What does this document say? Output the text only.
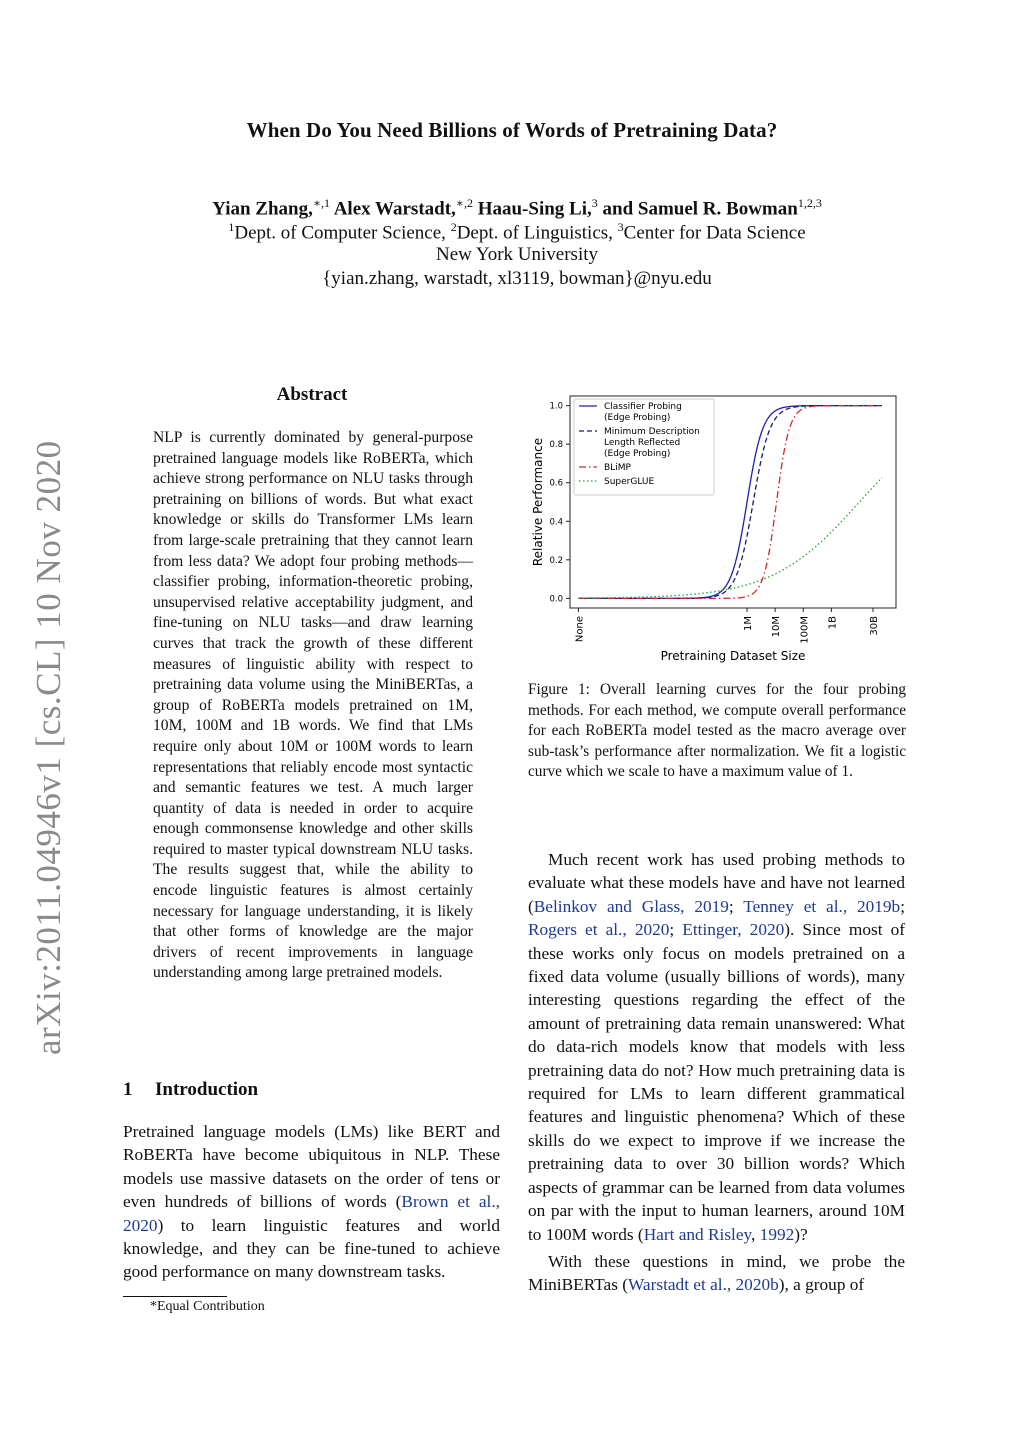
When Do You Need Billions of Words of Pretraining Data?
Yian Zhang,$^{∗,1}$ Alex Warstadt,$^{∗,2}$ Haau-Sing Li,$^3$ and Samuel R. Bowman$^{1,2,3}$
$^1$Dept. of Computer Science, $^2$Dept. of Linguistics, $^3$Center for Data Science
New York University
{yian.zhang, warstadt, xl3119, bowman}@nyu.edu
arXiv:2011.04946v1 [cs.CL] 10 Nov 2020
Abstract
NLP is currently dominated by general-purpose pretrained language models like RoBERTa, which achieve strong performance on NLU tasks through pretraining on billions of words. But what exact knowledge or skills do Transformer LMs learn from large-scale pretraining that they cannot learn from less data? We adopt four probing methods—classifier probing, information-theoretic probing, unsupervised relative acceptability judgment, and fine-tuning on NLU tasks—and draw learning curves that track the growth of these different measures of linguistic ability with respect to pretraining data volume using the MiniBERTas, a group of RoBERTa models pretrained on 1M, 10M, 100M and 1B words. We find that LMs require only about 10M or 100M words to learn representations that reliably encode most syntactic and semantic features we test. A much larger quantity of data is needed in order to acquire enough commonsense knowledge and other skills required to master typical downstream NLU tasks. The results suggest that, while the ability to encode linguistic features is almost certainly necessary for language understanding, it is likely that other forms of knowledge are the major drivers of recent improvements in language understanding among large pretrained models.
1 Introduction
Pretrained language models (LMs) like BERT and RoBERTa have become ubiquitous in NLP. These models use massive datasets on the order of tens or even hundreds of billions of words (Brown et al., 2020) to learn linguistic features and world knowledge, and they can be fine-tuned to achieve good performance on many downstream tasks.
*Equal Contribution
0.0
0.2
0.4
0.6
0.8
1.0
None	1M 10M 100M 1B	30B
Classifier Probing
(Edge Probing)
Minimum Description
Length Reflected
(Edge Probing)
BLiMP
SuperGLUE
Relative Performance
Pretraining Dataset Size
Figure 1: Overall learning curves for the four probing methods. For each method, we compute overall performance for each RoBERTa model tested as the macro average over sub-task’s performance after normalization. We fit a logistic curve which we scale to have a maximum value of 1.

Much recent work has used probing methods to evaluate what these models have and have not learned (Belinkov and Glass, 2019; Tenney et al., 2019b; Rogers et al., 2020; Ettinger, 2020). Since most of these works only focus on models pretrained on a fixed data volume (usually billions of words), many interesting questions regarding the effect of the amount of pretraining data remain unanswered: What do data-rich models know that models with less pretraining data do not? How much pretraining data is required for LMs to learn different grammatical features and linguistic phenomena? Which of these skills do we expect to improve if we increase the pretraining data to over 30 billion words? Which aspects of grammar can be learned from data volumes on par with the input to human learners, around 10M to 100M words (Hart and Risley, 1992)?

With these questions in mind, we probe the MiniBERTas (Warstadt et al., 2020b), a group of
